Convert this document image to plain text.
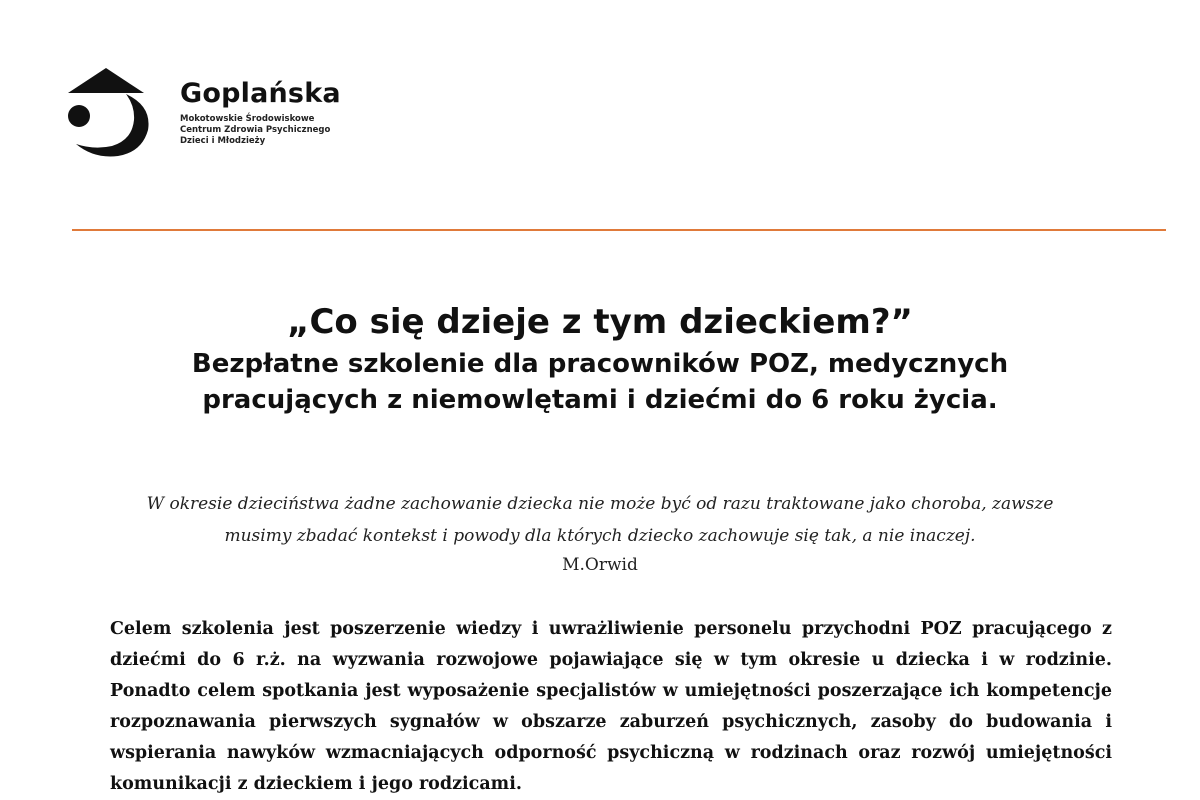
Goplańska
Mokotowskie Środowiskowe
Centrum Zdrowia Psychicznego
Dzieci i Młodzieży
„Co się dzieje z tym dzieckiem?”
Bezpłatne szkolenie dla pracowników POZ, medycznych
pracujących z niemowlętami i dziećmi do 6 roku życia.
W okresie dzieciństwa żadne zachowanie dziecka nie może być od razu traktowane jako choroba, zawsze
musimy zbadać kontekst i powody dla których dziecko zachowuje się tak, a nie inaczej.
M.Orwid
Celem szkolenia jest poszerzenie wiedzy i uwrażliwienie personelu przychodni POZ pracującego z dziećmi do 6 r.ż. na wyzwania rozwojowe pojawiające się w tym okresie u dziecka i w rodzinie. Ponadto celem spotkania jest wyposażenie specjalistów w umiejętności poszerzające ich kompetencje rozpoznawania pierwszych sygnałów w obszarze zaburzeń psychicznych, zasoby do budowania i wspierania nawyków wzmacniających odporność psychiczną w rodzinach oraz rozwój umiejętności komunikacji z dzieckiem i jego rodzicami.
